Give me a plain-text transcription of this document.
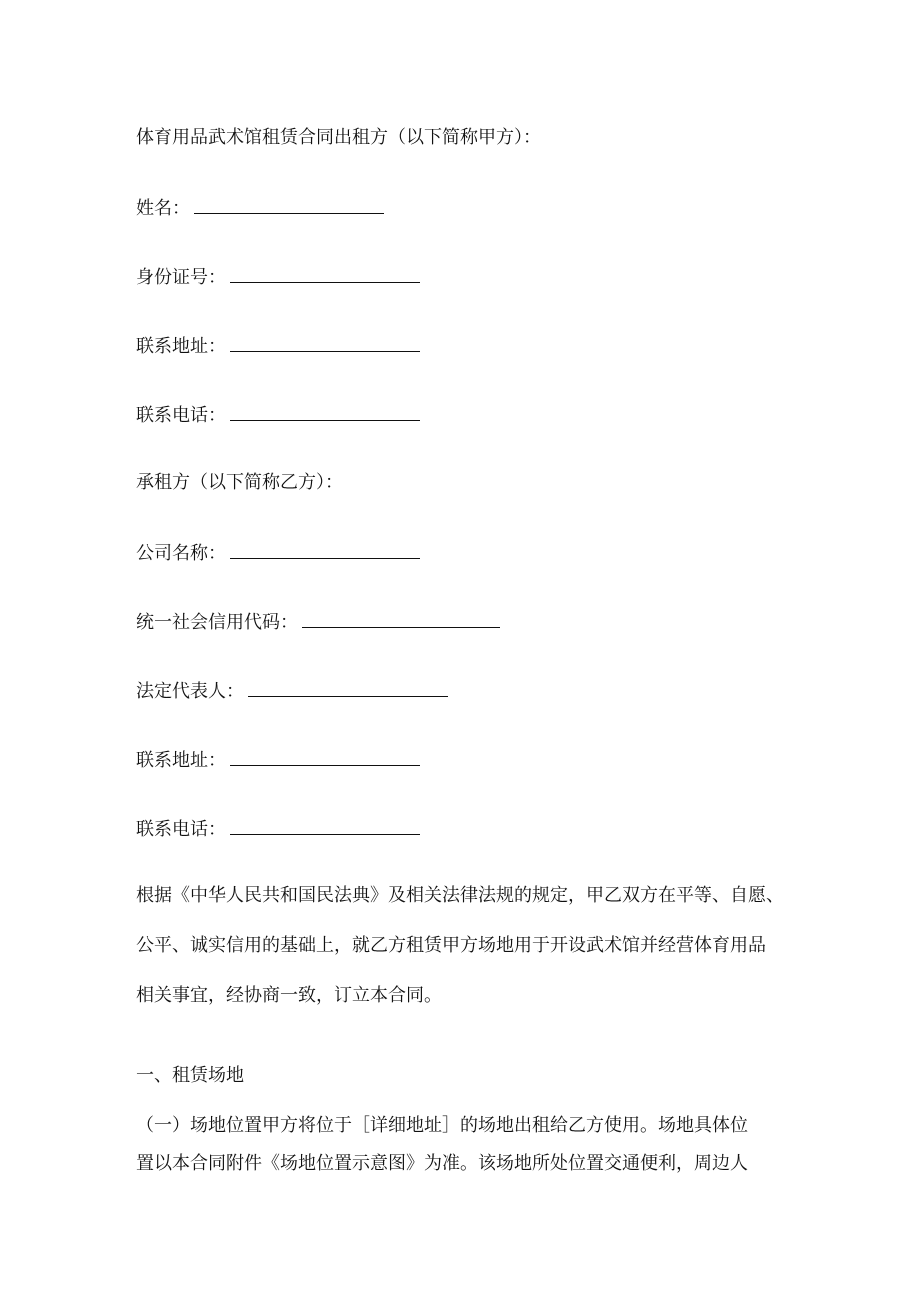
体育用品武术馆租赁合同出租方（以下简称甲方）：
姓名：
身份证号：
联系地址：
联系电话：
承租方（以下简称乙方）：
公司名称：
统一社会信用代码：
法定代表人：
联系地址：
联系电话：
根据《中华人民共和国民法典》及相关法律法规的规定，甲乙双方在平等、自愿、
公平、诚实信用的基础上，就乙方租赁甲方场地用于开设武术馆并经营体育用品
相关事宜，经协商一致，订立本合同。
一、租赁场地
（一）场地位置甲方将位于［详细地址］的场地出租给乙方使用。场地具体位
置以本合同附件《场地位置示意图》为准。该场地所处位置交通便利，周边人
